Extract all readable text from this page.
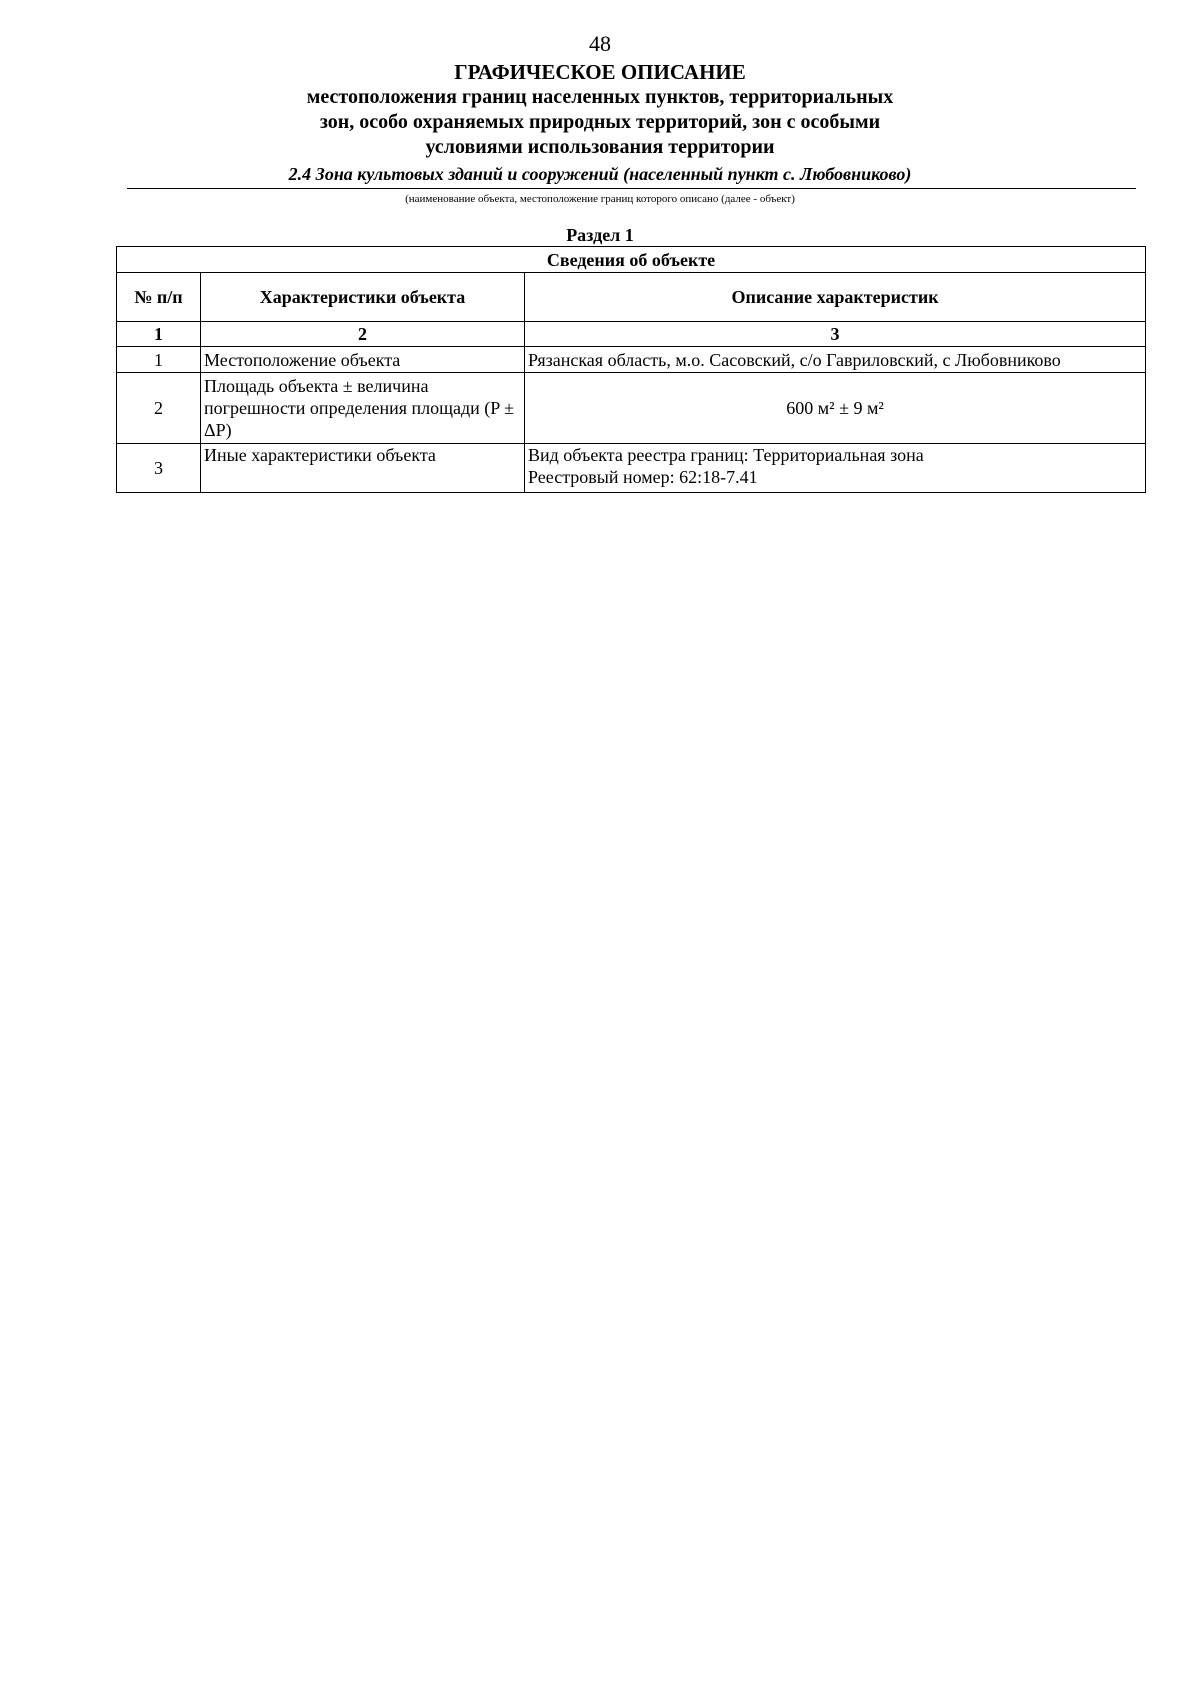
48
ГРАФИЧЕСКОЕ ОПИСАНИЕ
местоположения границ населенных пунктов, территориальных
зон, особо охраняемых природных территорий, зон с особыми
условиями использования территории
2.4 Зона культовых зданий и сооружений (населенный пункт с. Любовниково)
(наименование объекта, местоположение границ которого описано (далее - объект)
Раздел 1
Сведения об объекте		
№ п/п	Характеристики объекта	Описание характеристик
1	2	3
1	Местоположение объекта	Рязанская область, м.о. Сасовский, с/о Гавриловский, с Любовниково
2	Площадь объекта ± величина погрешности определения площади (P ± ΔP)	600 м² ± 9 м²
3	Иные характеристики объекта	Вид объекта реестра границ: Территориальная зона
Реестровый номер: 62:18-7.41
